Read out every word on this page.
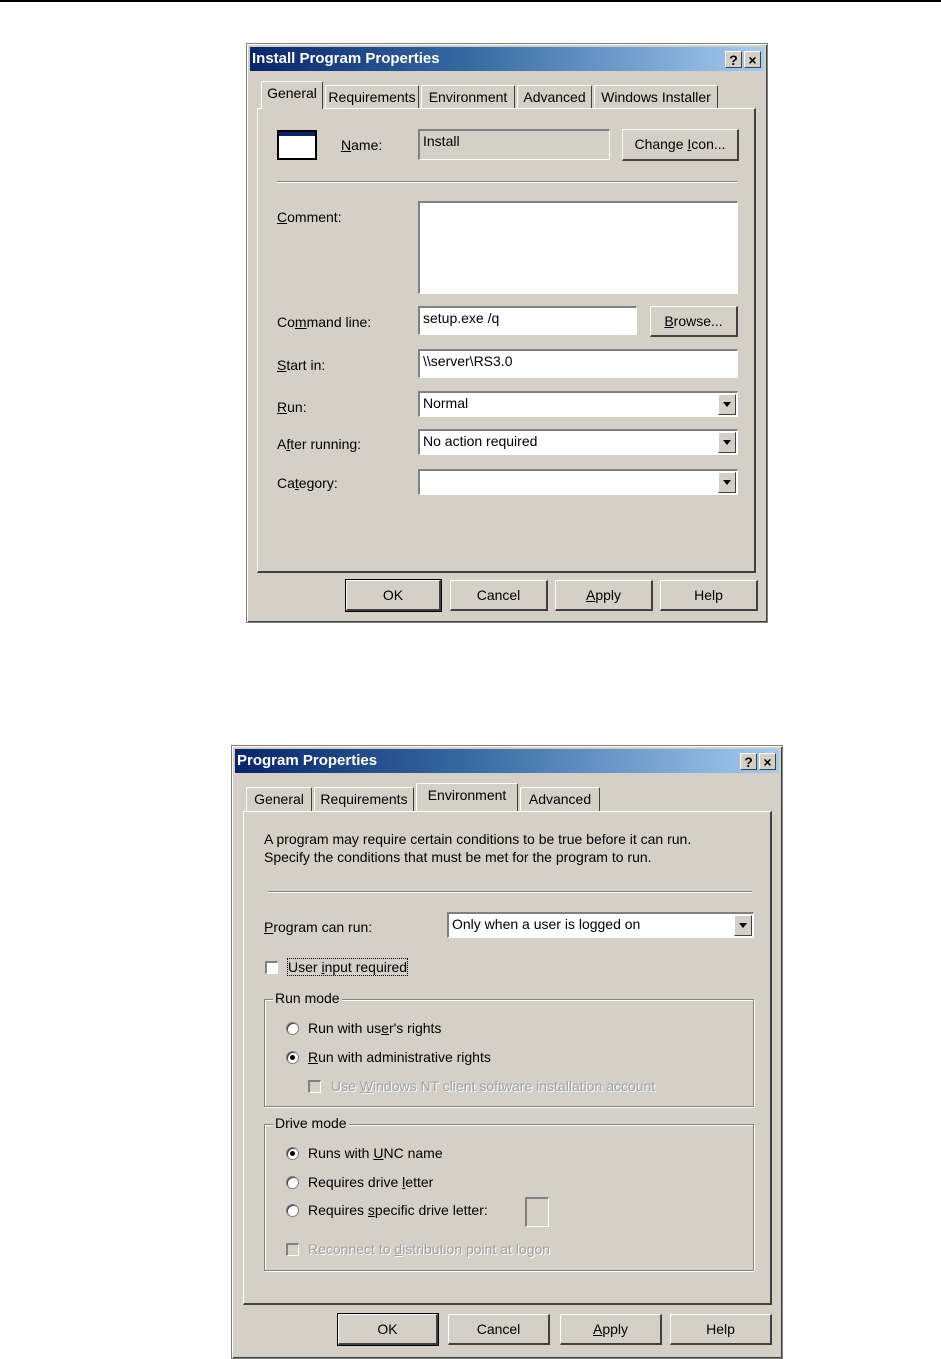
Install Program Properties	? ×
General Requirements Environment	Advanced	Windows Installer
Name:	Install	Change Icon...
Comment:
Command line:	setup.exe /q	Browse...
Start in:	\\server\RS3.0
Run:	Normal
After running:	No action required
Category:
OK	Cancel	Apply	Help
Program Properties	? ×
General	Requirements	Environment	Advanced
A program may require certain conditions to be true before it can run.
Specify the conditions that must be met for the program to run.
Program can run:	Only when a user is logged on
User input required
Run mode
Run with user's rights
Run with administrative rights
Use Windows NT client software installation account
Drive mode
Runs with UNC name
Requires drive letter
Requires specific drive letter:
Reconnect to distribution point at logon
OK	Cancel	Apply	Help
